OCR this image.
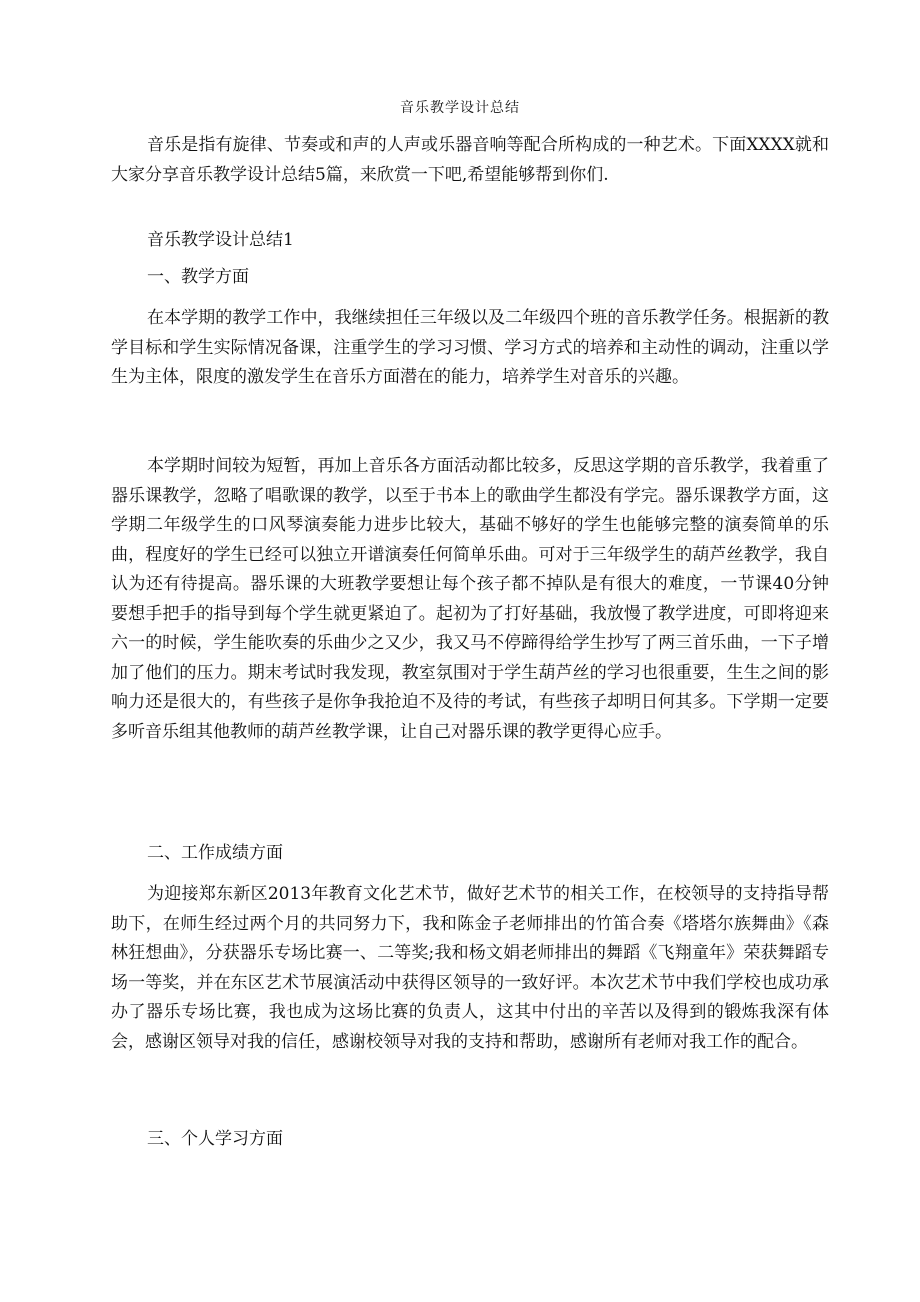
音乐教学设计总结

音乐是指有旋律、节奏或和声的人声或乐器音响等配合所构成的一种艺术。下面XXXX就和大家分享音乐教学设计总结5篇，来欣赏一下吧,希望能够帮到你们.

音乐教学设计总结1
一、教学方面

在本学期的教学工作中，我继续担任三年级以及二年级四个班的音乐教学任务。根据新的教学目标和学生实际情况备课，注重学生的学习习惯、学习方式的培养和主动性的调动，注重以学生为主体，限度的激发学生在音乐方面潜在的能力，培养学生对音乐的兴趣。

本学期时间较为短暂，再加上音乐各方面活动都比较多，反思这学期的音乐教学，我着重了器乐课教学，忽略了唱歌课的教学，以至于书本上的歌曲学生都没有学完。器乐课教学方面，这学期二年级学生的口风琴演奏能力进步比较大，基础不够好的学生也能够完整的演奏简单的乐曲，程度好的学生已经可以独立开谱演奏任何简单乐曲。可对于三年级学生的葫芦丝教学，我自认为还有待提高。器乐课的大班教学要想让每个孩子都不掉队是有很大的难度，一节课40分钟要想手把手的指导到每个学生就更紧迫了。起初为了打好基础，我放慢了教学进度，可即将迎来六一的时候，学生能吹奏的乐曲少之又少，我又马不停蹄得给学生抄写了两三首乐曲，一下子增加了他们的压力。期末考试时我发现，教室氛围对于学生葫芦丝的学习也很重要，生生之间的影响力还是很大的，有些孩子是你争我抢迫不及待的考试，有些孩子却明日何其多。下学期一定要多听音乐组其他教师的葫芦丝教学课，让自己对器乐课的教学更得心应手。

二、工作成绩方面

为迎接郑东新区2013年教育文化艺术节，做好艺术节的相关工作，在校领导的支持指导帮助下，在师生经过两个月的共同努力下，我和陈金子老师排出的竹笛合奏《塔塔尔族舞曲》《森林狂想曲》，分获器乐专场比赛一、二等奖;我和杨文娟老师排出的舞蹈《飞翔童年》荣获舞蹈专场一等奖，并在东区艺术节展演活动中获得区领导的一致好评。本次艺术节中我们学校也成功承办了器乐专场比赛，我也成为这场比赛的负责人，这其中付出的辛苦以及得到的锻炼我深有体会，感谢区领导对我的信任，感谢校领导对我的支持和帮助，感谢所有老师对我工作的配合。

三、个人学习方面
